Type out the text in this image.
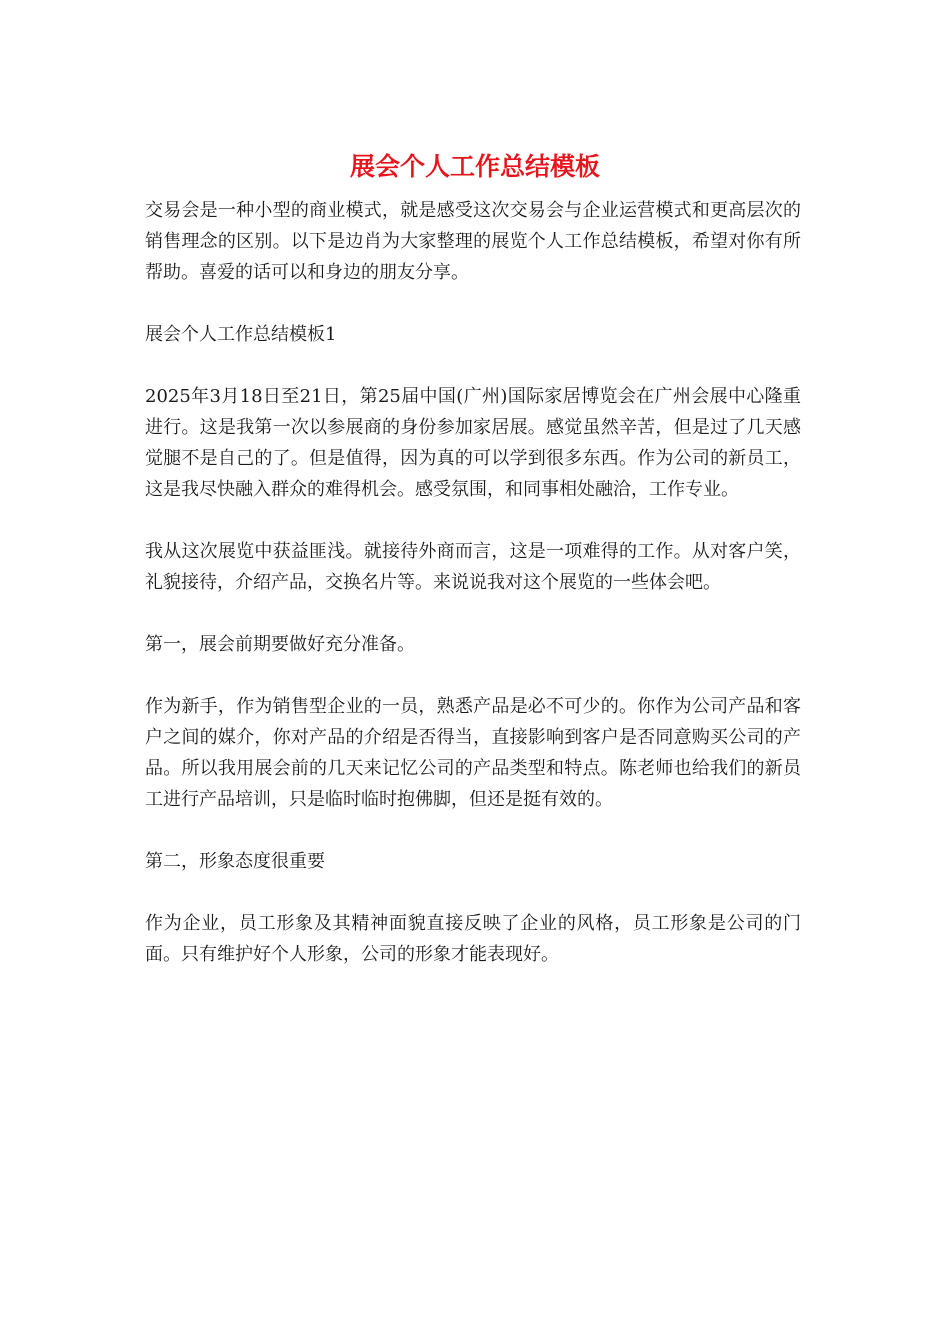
展会个人工作总结模板

交易会是一种小型的商业模式，就是感受这次交易会与企业运营模式和更高层次的销售理念的区别。以下是边肖为大家整理的展览个人工作总结模板，希望对你有所帮助。喜爱的话可以和身边的朋友分享。

展会个人工作总结模板1

2025年3月18日至21日，第25届中国(广州)国际家居博览会在广州会展中心隆重进行。这是我第一次以参展商的身份参加家居展。感觉虽然辛苦，但是过了几天感觉腿不是自己的了。但是值得，因为真的可以学到很多东西。作为公司的新员工，这是我尽快融入群众的难得机会。感受氛围，和同事相处融洽，工作专业。

我从这次展览中获益匪浅。就接待外商而言，这是一项难得的工作。从对客户笑，礼貌接待，介绍产品，交换名片等。来说说我对这个展览的一些体会吧。

第一，展会前期要做好充分准备。

作为新手，作为销售型企业的一员，熟悉产品是必不可少的。你作为公司产品和客户之间的媒介，你对产品的介绍是否得当，直接影响到客户是否同意购买公司的产品。所以我用展会前的几天来记忆公司的产品类型和特点。陈老师也给我们的新员工进行产品培训，只是临时临时抱佛脚，但还是挺有效的。

第二，形象态度很重要

作为企业，员工形象及其精神面貌直接反映了企业的风格，员工形象是公司的门面。只有维护好个人形象，公司的形象才能表现好。
